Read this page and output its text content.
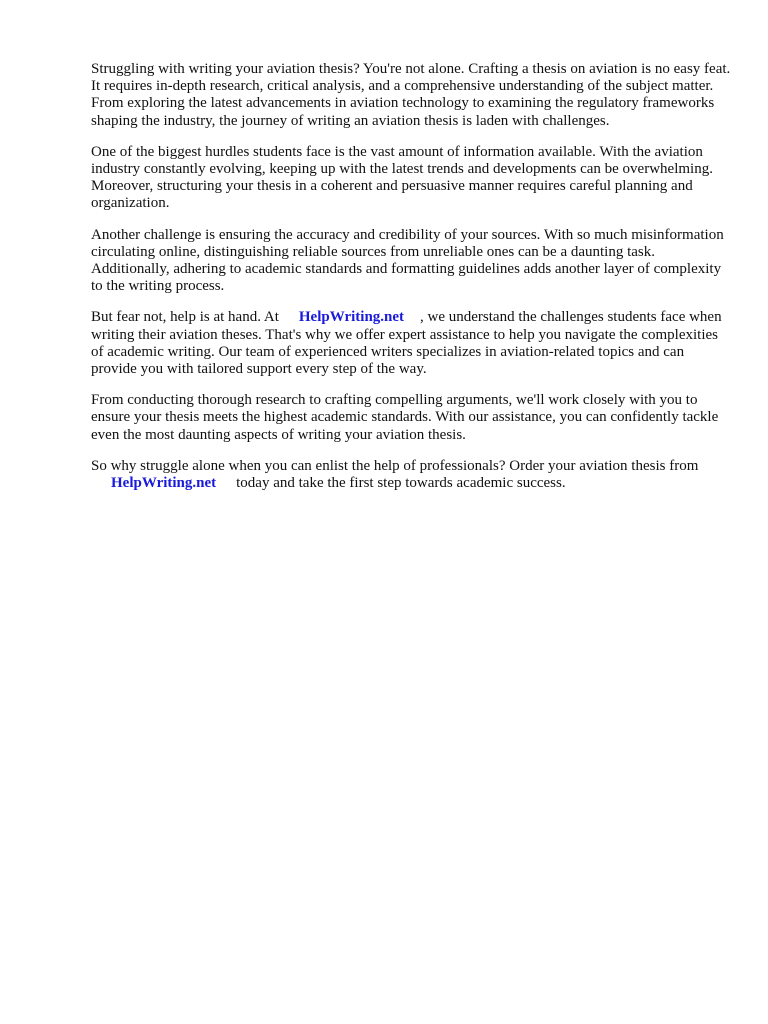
Struggling with writing your aviation thesis? You're not alone. Crafting a thesis on aviation is no easy feat. It requires in-depth research, critical analysis, and a comprehensive understanding of the subject matter. From exploring the latest advancements in aviation technology to examining the regulatory frameworks shaping the industry, the journey of writing an aviation thesis is laden with challenges.

One of the biggest hurdles students face is the vast amount of information available. With the aviation industry constantly evolving, keeping up with the latest trends and developments can be overwhelming. Moreover, structuring your thesis in a coherent and persuasive manner requires careful planning and organization.

Another challenge is ensuring the accuracy and credibility of your sources. With so much misinformation circulating online, distinguishing reliable sources from unreliable ones can be a daunting task. Additionally, adhering to academic standards and formatting guidelines adds another layer of complexity to the writing process.

But fear not, help is at hand. At HelpWriting.net , we understand the challenges students face when writing their aviation theses. That's why we offer expert assistance to help you navigate the complexities of academic writing. Our team of experienced writers specializes in aviation-related topics and can provide you with tailored support every step of the way.

From conducting thorough research to crafting compelling arguments, we'll work closely with you to ensure your thesis meets the highest academic standards. With our assistance, you can confidently tackle even the most daunting aspects of writing your aviation thesis.

So why struggle alone when you can enlist the help of professionals? Order your aviation thesis from
HelpWriting.net today and take the first step towards academic success.
